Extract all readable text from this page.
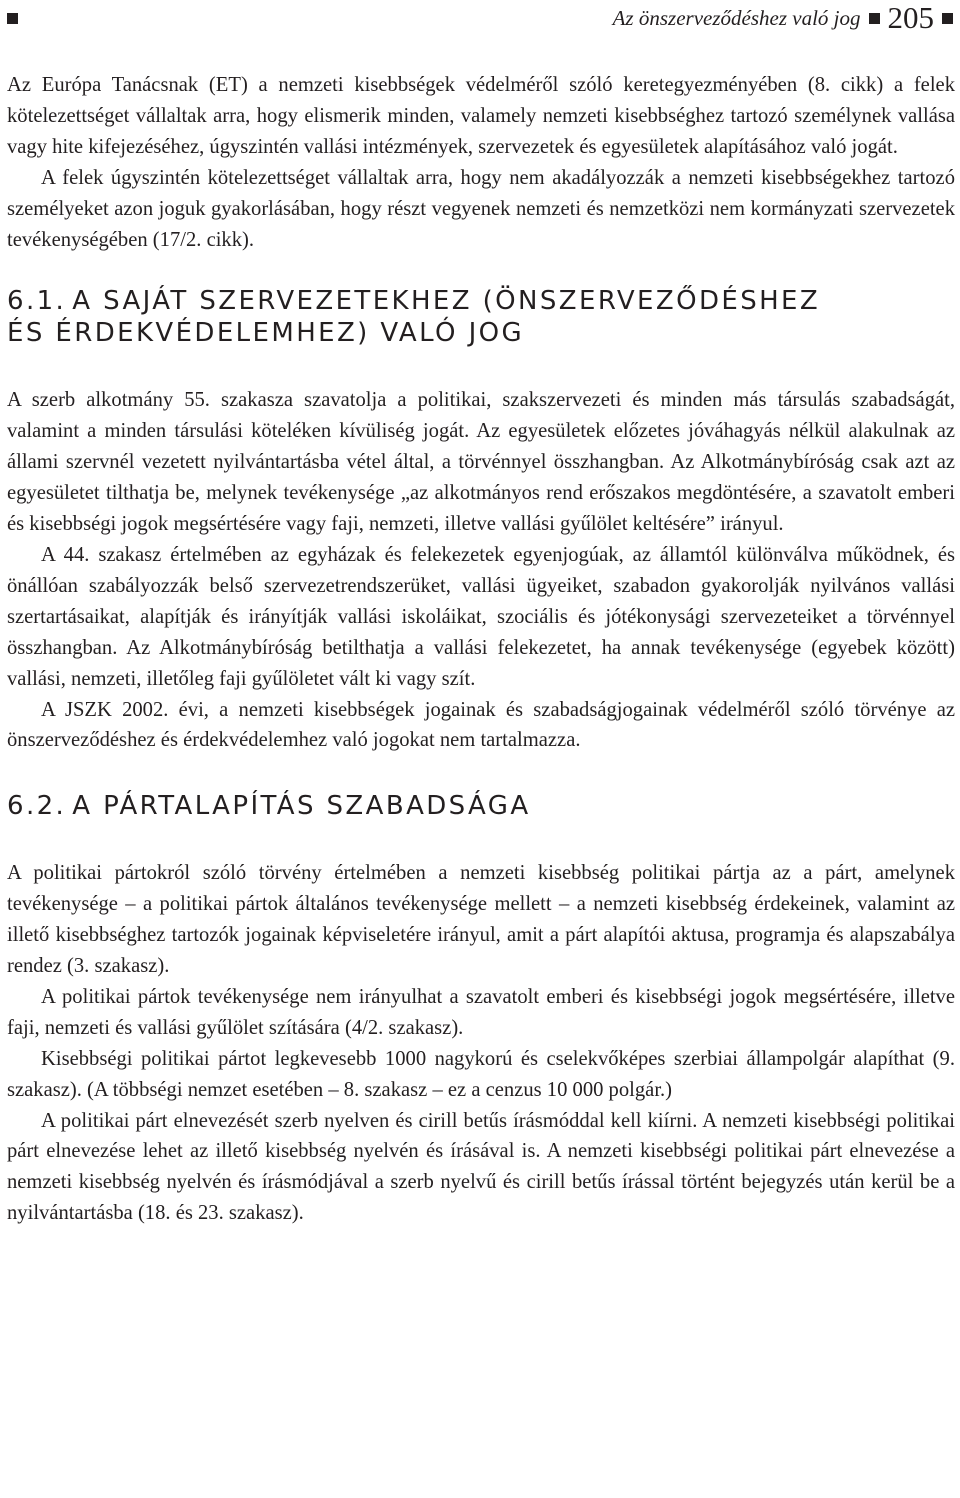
Az önszerveződéshez való jog 205

Az Európa Tanácsnak (ET) a nemzeti kisebbségek védelméről szóló keretegyezményében (8. cikk) a felek kötelezettséget vállaltak arra, hogy elismerik minden, valamely nemzeti kisebbséghez tartozó személynek vallása vagy hite kifejezéséhez, úgyszintén vallási intézmények, szervezetek és egyesületek alapításához való jogát.

A felek úgyszintén kötelezettséget vállaltak arra, hogy nem akadályozzák a nemzeti kisebbségekhez tartozó személyeket azon joguk gyakorlásában, hogy részt vegyenek nemzeti és nemzetközi nem kormányzati szervezetek tevékenységében (17/2. cikk).

6.1. A SAJÁT SZERVEZETEKHEZ (ÖNSZERVEZŐDÉSHEZ
ÉS ÉRDEKVÉDELEMHEZ) VALÓ JOG

A szerb alkotmány 55. szakasza szavatolja a politikai, szakszervezeti és minden más társulás szabadságát, valamint a minden társulási köteléken kívüliség jogát. Az egyesületek előzetes jóváhagyás nélkül alakulnak az állami szervnél vezetett nyilvántartásba vétel által, a törvénnyel összhangban. Az Alkotmánybíróság csak azt az egyesületet tilthatja be, melynek tevékenysége „az alkotmányos rend erőszakos megdöntésére, a szavatolt emberi és kisebbségi jogok megsértésére vagy faji, nemzeti, illetve vallási gyűlölet keltésére” irányul.

A 44. szakasz értelmében az egyházak és felekezetek egyenjogúak, az államtól különválva működnek, és önállóan szabályozzák belső szervezetrendszerüket, vallási ügyeiket, szabadon gyakorolják nyilvános vallási szertartásaikat, alapítják és irányítják vallási iskoláikat, szociális és jótékonysági szervezeteiket a törvénnyel összhangban. Az Alkotmánybíróság betilthatja a vallási felekezetet, ha annak tevékenysége (egyebek között) vallási, nemzeti, illetőleg faji gyűlöletet vált ki vagy szít.

A JSZK 2002. évi, a nemzeti kisebbségek jogainak és szabadságjogainak védelméről szóló törvénye az önszerveződéshez és érdekvédelemhez való jogokat nem tartalmazza.

6.2. A PÁRTALAPÍTÁS SZABADSÁGA

A politikai pártokról szóló törvény értelmében a nemzeti kisebbség politikai pártja az a párt, amelynek tevékenysége – a politikai pártok általános tevékenysége mellett – a nemzeti kisebbség érdekeinek, valamint az illető kisebbséghez tartozók jogainak képviseletére irányul, amit a párt alapítói aktusa, programja és alapszabálya rendez (3. szakasz).

A politikai pártok tevékenysége nem irányulhat a szavatolt emberi és kisebbségi jogok megsértésére, illetve faji, nemzeti és vallási gyűlölet szítására (4/2. szakasz).

Kisebbségi politikai pártot legkevesebb 1000 nagykorú és cselekvőképes szerbiai állampolgár alapíthat (9. szakasz). (A többségi nemzet esetében – 8. szakasz – ez a cenzus 10 000 polgár.)

A politikai párt elnevezését szerb nyelven és cirill betűs írásmóddal kell kiírni. A nemzeti kisebbségi politikai párt elnevezése lehet az illető kisebbség nyelvén és írásával is. A nemzeti kisebbségi politikai párt elnevezése a nemzeti kisebbség nyelvén és írásmódjával a szerb nyelvű és cirill betűs írással történt bejegyzés után kerül be a nyilvántartásba (18. és 23. szakasz).
